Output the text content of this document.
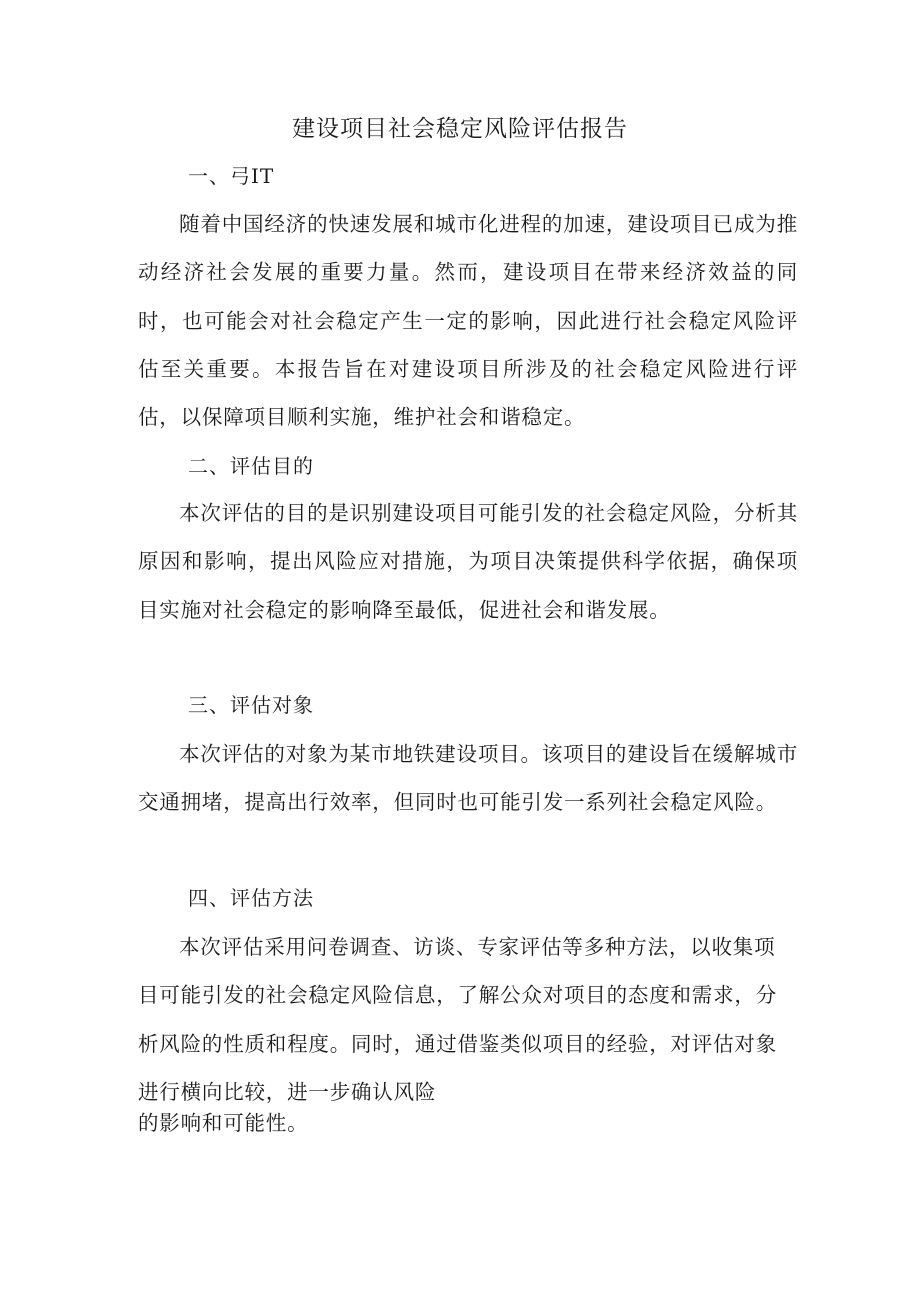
建设项目社会稳定风险评估报告
一、弓IT

随着中国经济的快速发展和城市化进程的加速，建设项目已成为推动经济社会发展的重要力量。然而，建设项目在带来经济效益的同时，也可能会对社会稳定产生一定的影响，因此进行社会稳定风险评估至关重要。本报告旨在对建设项目所涉及的社会稳定风险进行评估，以保障项目顺利实施，维护社会和谐稳定。

二、评估目的

本次评估的目的是识别建设项目可能引发的社会稳定风险，分析其原因和影响，提出风险应对措施，为项目决策提供科学依据，确保项目实施对社会稳定的影响降至最低，促进社会和谐发展。

三、评估对象

本次评估的对象为某市地铁建设项目。该项目的建设旨在缓解城市交通拥堵，提高出行效率，但同时也可能引发一系列社会稳定风险。

四、评估方法

本次评估采用问卷调查、访谈、专家评估等多种方法，以收集项目可能引发的社会稳定风险信息，了解公众对项目的态度和需求，分析风险的性质和程度。同时，通过借鉴类似项目的经验，对评估对象进行横向比较，进一步确认风险

的影响和可能性。
